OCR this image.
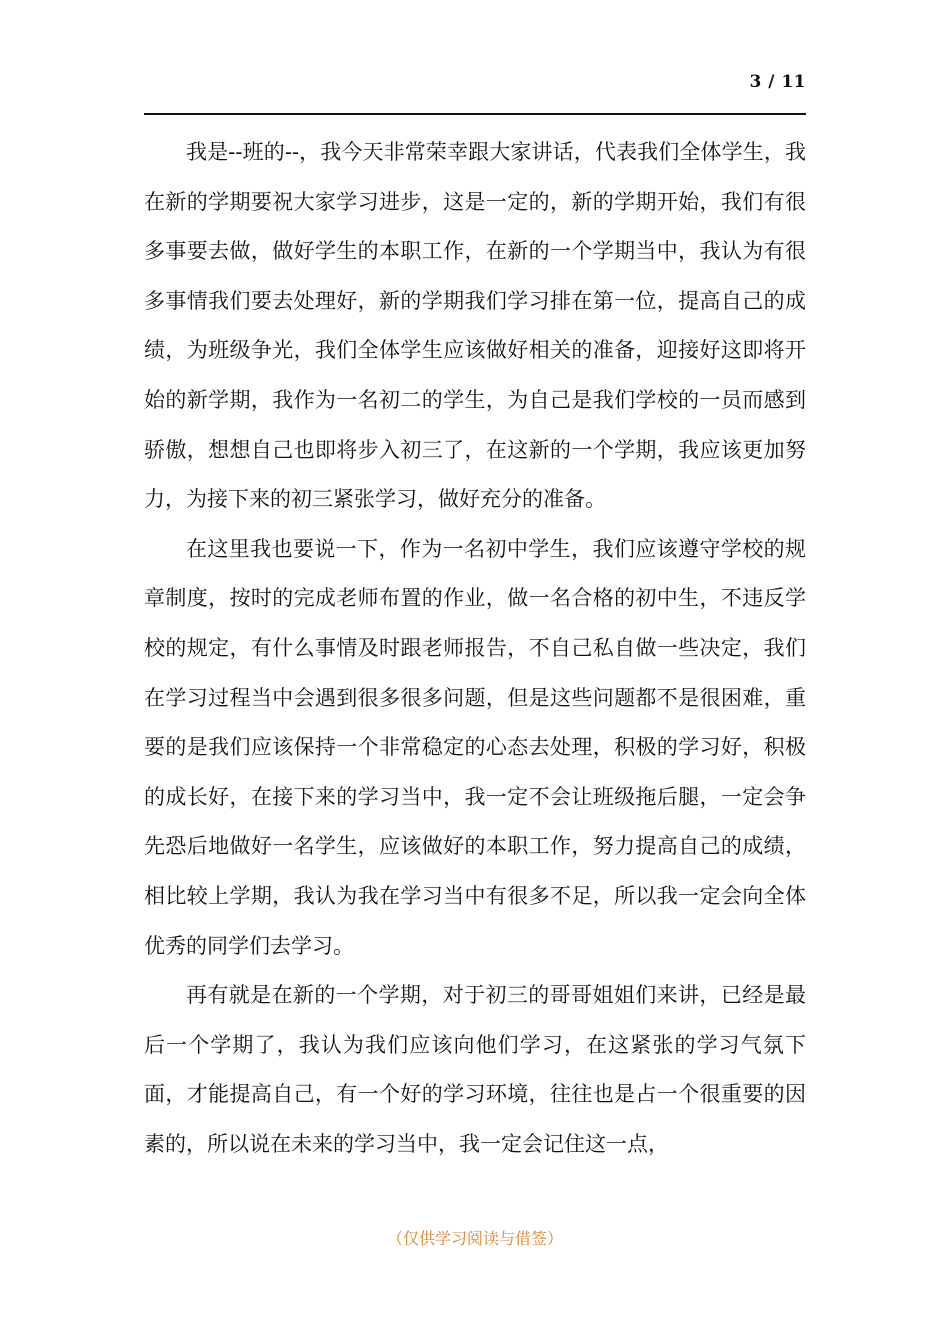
3 / 11

我是--班的--，我今天非常荣幸跟大家讲话，代表我们全体学生，我在新的学期要祝大家学习进步，这是一定的，新的学期开始，我们有很多事要去做，做好学生的本职工作，在新的一个学期当中，我认为有很多事情我们要去处理好，新的学期我们学习排在第一位，提高自己的成绩，为班级争光，我们全体学生应该做好相关的准备，迎接好这即将开始的新学期，我作为一名初二的学生，为自己是我们学校的一员而感到骄傲，想想自己也即将步入初三了，在这新的一个学期，我应该更加努力，为接下来的初三紧张学习，做好充分的准备。

在这里我也要说一下，作为一名初中学生，我们应该遵守学校的规章制度，按时的完成老师布置的作业，做一名合格的初中生，不违反学校的规定，有什么事情及时跟老师报告，不自己私自做一些决定，我们在学习过程当中会遇到很多很多问题，但是这些问题都不是很困难，重要的是我们应该保持一个非常稳定的心态去处理，积极的学习好，积极的成长好，在接下来的学习当中，我一定不会让班级拖后腿，一定会争先恐后地做好一名学生，应该做好的本职工作，努力提高自己的成绩，相比较上学期，我认为我在学习当中有很多不足，所以我一定会向全体优秀的同学们去学习。

再有就是在新的一个学期，对于初三的哥哥姐姐们来讲，已经是最后一个学期了，我认为我们应该向他们学习，在这紧张的学习气氛下面，才能提高自己，有一个好的学习环境，往往也是占一个很重要的因素的，所以说在未来的学习当中，我一定会记住这一点，

（仅供学习阅读与借签）
